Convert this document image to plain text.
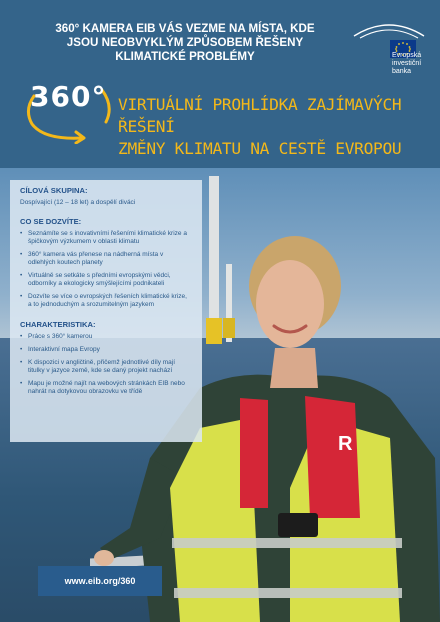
360° KAMERA EIB VÁS VEZME NA MÍSTA, KDE JSOU NEOBVYKLÝM ZPŮSOBEM ŘEŠENY KLIMATICKÉ PROBLÉMY	Evropská
investiční banka
360° VIRTUÁLNÍ PROHLÍDKA ZAJÍMAVÝCH ŘEŠENÍ
ZMĚNY KLIMATU NA CESTĚ EVROPOU
R
CÍLOVÁ SKUPINA:
Dospívající (12 – 18 let) a dospělí diváci
CO SE DOZVÍTE:
• Seznámíte se s inovativními řešeními klimatické krize a špičkovým výzkumem v oblasti klimatu
• 360° kamera vás přenese na nádherná místa v odlehlých koutech planety
• Virtuálně se setkáte s předními evropskými vědci, odborníky a ekologicky smýšlejícími podnikateli
• Dozvíte se více o evropských řešeních klimatické krize, a to jednoduchým a srozumitelným jazykem
CHARAKTERISTIKA:
• Práce s 360° kamerou
• Interaktivní mapa Evropy
• K dispozici v angličtině, přičemž jednotlivé díly mají titulky v jazyce země, kde se daný projekt nachází
• Mapu je možné najít na webových stránkách EIB nebo nahrát na dotykovou obrazovku ve třídě
www.eib.org/360
